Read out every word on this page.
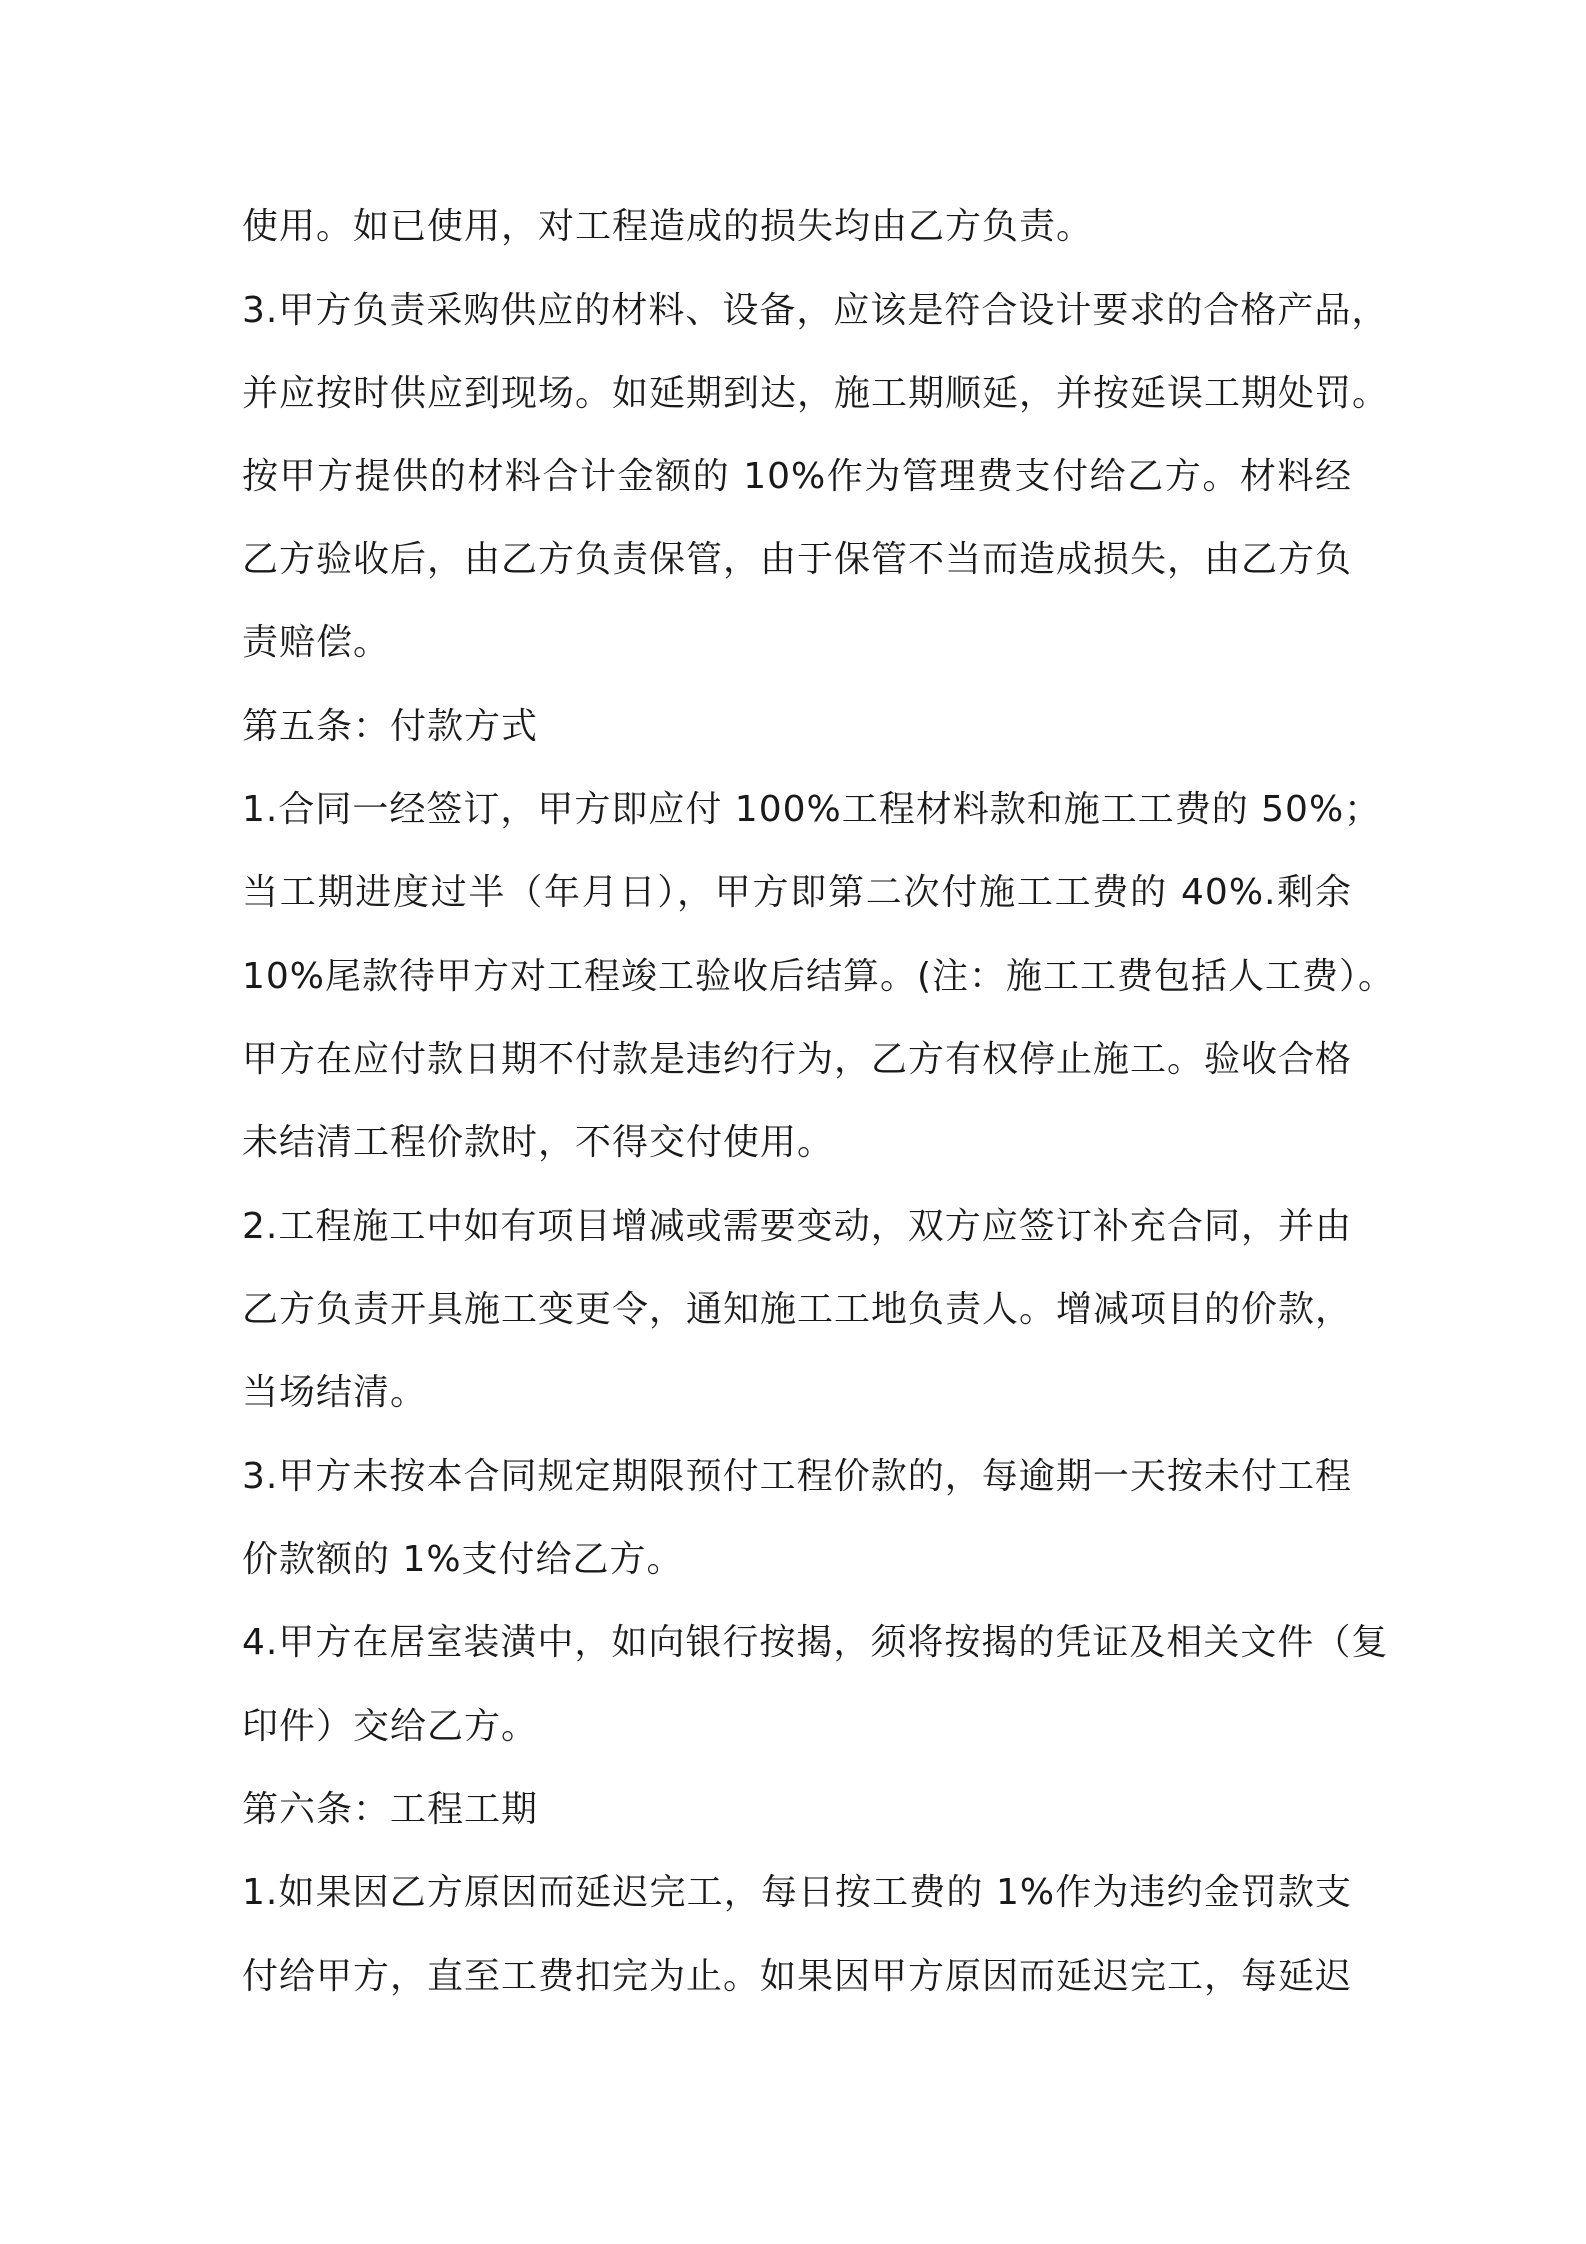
使用。如已使用，对工程造成的损失均由乙方负责。
3.甲方负责采购供应的材料、设备，应该是符合设计要求的合格产品，
并应按时供应到现场。如延期到达，施工期顺延，并按延误工期处罚。
按甲方提供的材料合计金额的 10%作为管理费支付给乙方。材料经
乙方验收后，由乙方负责保管，由于保管不当而造成损失，由乙方负
责赔偿。
第五条：付款方式
1.合同一经签订，甲方即应付 100%工程材料款和施工工费的 50%；
当工期进度过半（年月日），甲方即第二次付施工工费的 40%.剩余
10%尾款待甲方对工程竣工验收后结算。(注：施工工费包括人工费）。
甲方在应付款日期不付款是违约行为，乙方有权停止施工。验收合格
未结清工程价款时，不得交付使用。
2.工程施工中如有项目增减或需要变动，双方应签订补充合同，并由
乙方负责开具施工变更令，通知施工工地负责人。增减项目的价款，
当场结清。
3.甲方未按本合同规定期限预付工程价款的，每逾期一天按未付工程
价款额的 1%支付给乙方。
4.甲方在居室装潢中，如向银行按揭，须将按揭的凭证及相关文件（复
印件）交给乙方。
第六条：工程工期
1.如果因乙方原因而延迟完工，每日按工费的 1%作为违约金罚款支
付给甲方，直至工费扣完为止。如果因甲方原因而延迟完工，每延迟
